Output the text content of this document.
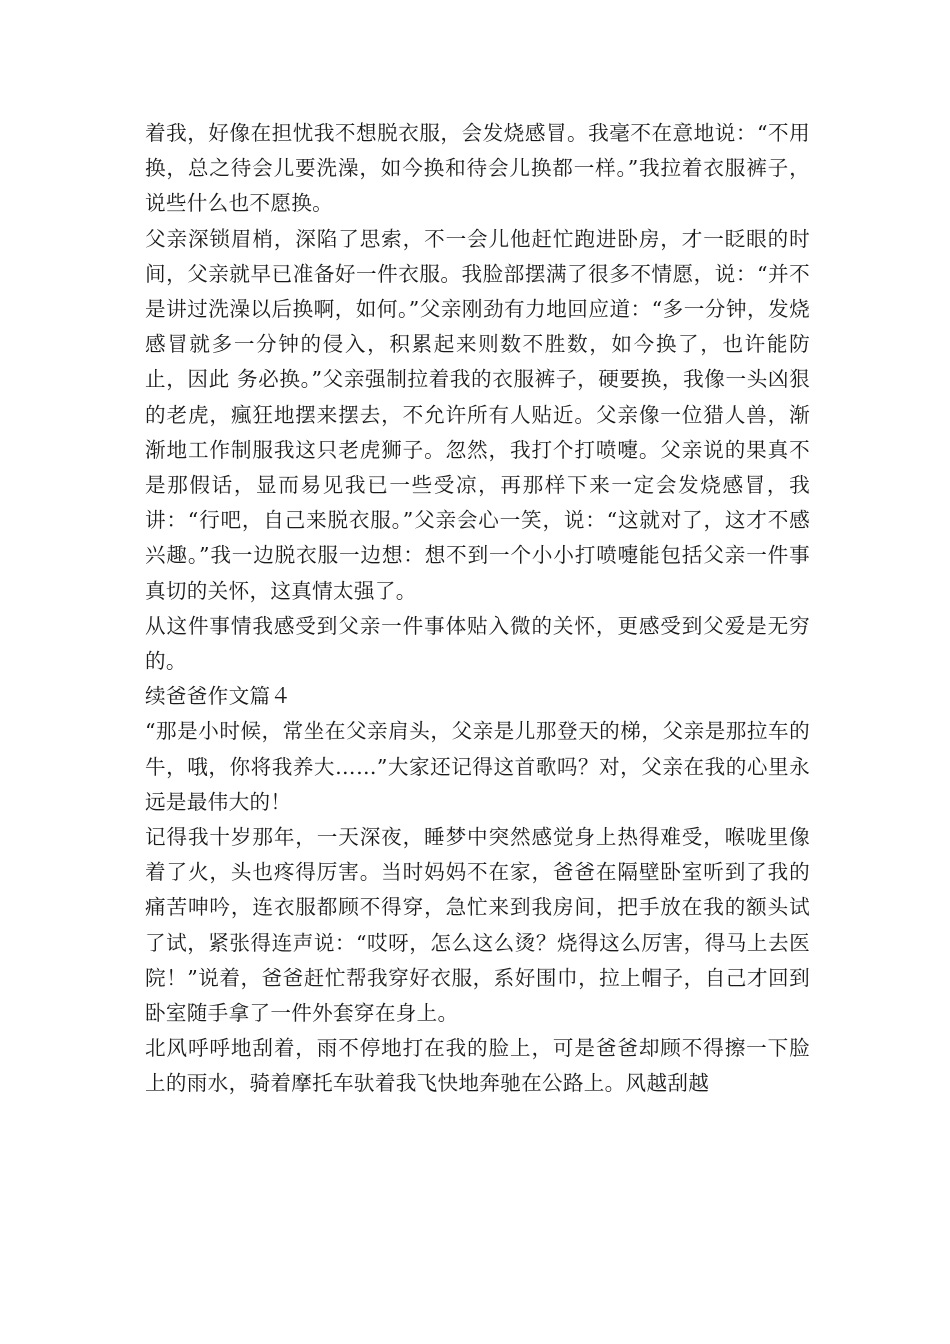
着我，好像在担忧我不想脱衣服，会发烧感冒。我毫不在意地说：“不用换，总之待会儿要洗澡，如今换和待会儿换都一样。”我拉着衣服裤子，说些什么也不愿换。

父亲深锁眉梢，深陷了思索，不一会儿他赶忙跑进卧房，才一眨眼的时间，父亲就早已准备好一件衣服。我脸部摆满了很多不情愿，说：“并不是讲过洗澡以后换啊，如何。”父亲刚劲有力地回应道：“多一分钟，发烧感冒就多一分钟的侵入，积累起来则数不胜数，如今换了，也许能防止，因此 务必换。”父亲强制拉着我的衣服裤子，硬要换，我像一头凶狠的老虎，瘋狂地摆来摆去，不允许所有人贴近。父亲像一位猎人兽，渐渐地工作制服我这只老虎狮子。忽然，我打个打喷嚏。父亲说的果真不是那假话，显而易见我已一些受凉，再那样下来一定会发烧感冒，我讲：“行吧，自己来脱衣服。”父亲会心一笑，说：“这就对了，这才不感兴趣。”我一边脱衣服一边想：想不到一个小小打喷嚏能包括父亲一件事真切的关怀，这真情太强了。

从这件事情我感受到父亲一件事体贴入微的关怀，更感受到父爱是无穷的。

续爸爸作文篇４

“那是小时候，常坐在父亲肩头，父亲是儿那登天的梯，父亲是那拉车的牛，哦，你将我养大……”大家还记得这首歌吗？对，父亲在我的心里永远是最伟大的！

记得我十岁那年，一天深夜，睡梦中突然感觉身上热得难受，喉咙里像着了火，头也疼得厉害。当时妈妈不在家，爸爸在隔壁卧室听到了我的痛苦呻吟，连衣服都顾不得穿，急忙来到我房间，把手放在我的额头试了试，紧张得连声说：“哎呀，怎么这么烫？烧得这么厉害，得马上去医院！”说着，爸爸赶忙帮我穿好衣服，系好围巾，拉上帽子，自己才回到卧室随手拿了一件外套穿在身上。

北风呼呼地刮着，雨不停地打在我的脸上，可是爸爸却顾不得擦一下脸上的雨水，骑着摩托车驮着我飞快地奔驰在公路上。风越刮越
